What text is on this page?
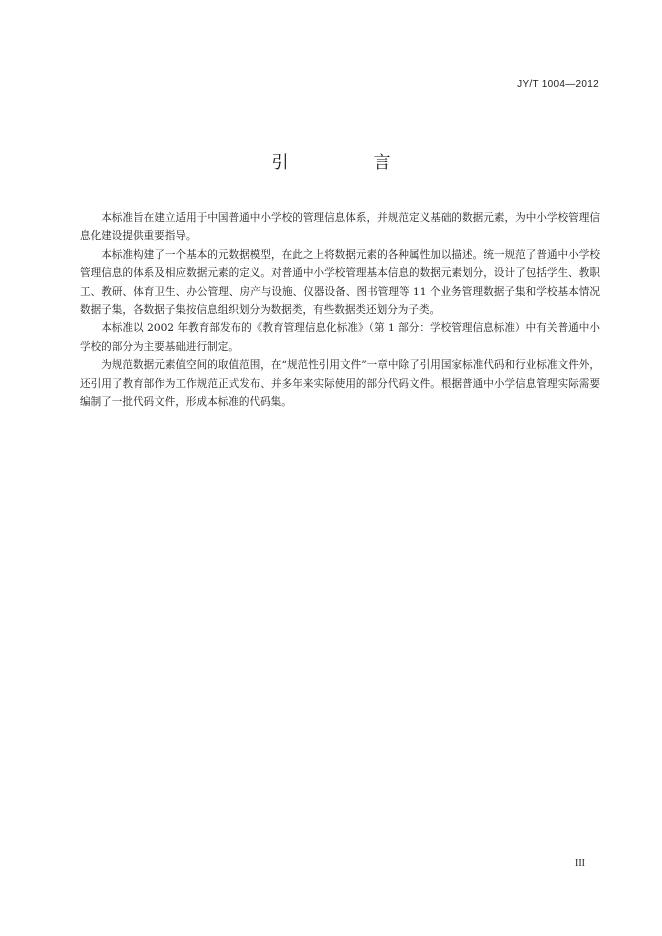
JY/T 1004—2012
引　言

本标准旨在建立适用于中国普通中小学校的管理信息体系，并规范定义基础的数据元素，为中小学校管理信息化建设提供重要指导。

本标准构建了一个基本的元数据模型，在此之上将数据元素的各种属性加以描述。统一规范了普通中小学校管理信息的体系及相应数据元素的定义。对普通中小学校管理基本信息的数据元素划分，设计了包括学生、教职工、教研、体育卫生、办公管理、房产与设施、仪器设备、图书管理等 11 个业务管理数据子集和学校基本情况数据子集，各数据子集按信息组织划分为数据类，有些数据类还划分为子类。

本标准以 2002 年教育部发布的《教育管理信息化标准》（第 1 部分：学校管理信息标准）中有关普通中小学校的部分为主要基础进行制定。

为规范数据元素值空间的取值范围，在“规范性引用文件”一章中除了引用国家标准代码和行业标准文件外，还引用了教育部作为工作规范正式发布、并多年来实际使用的部分代码文件。根据普通中小学信息管理实际需要编制了一批代码文件，形成本标准的代码集。

III
